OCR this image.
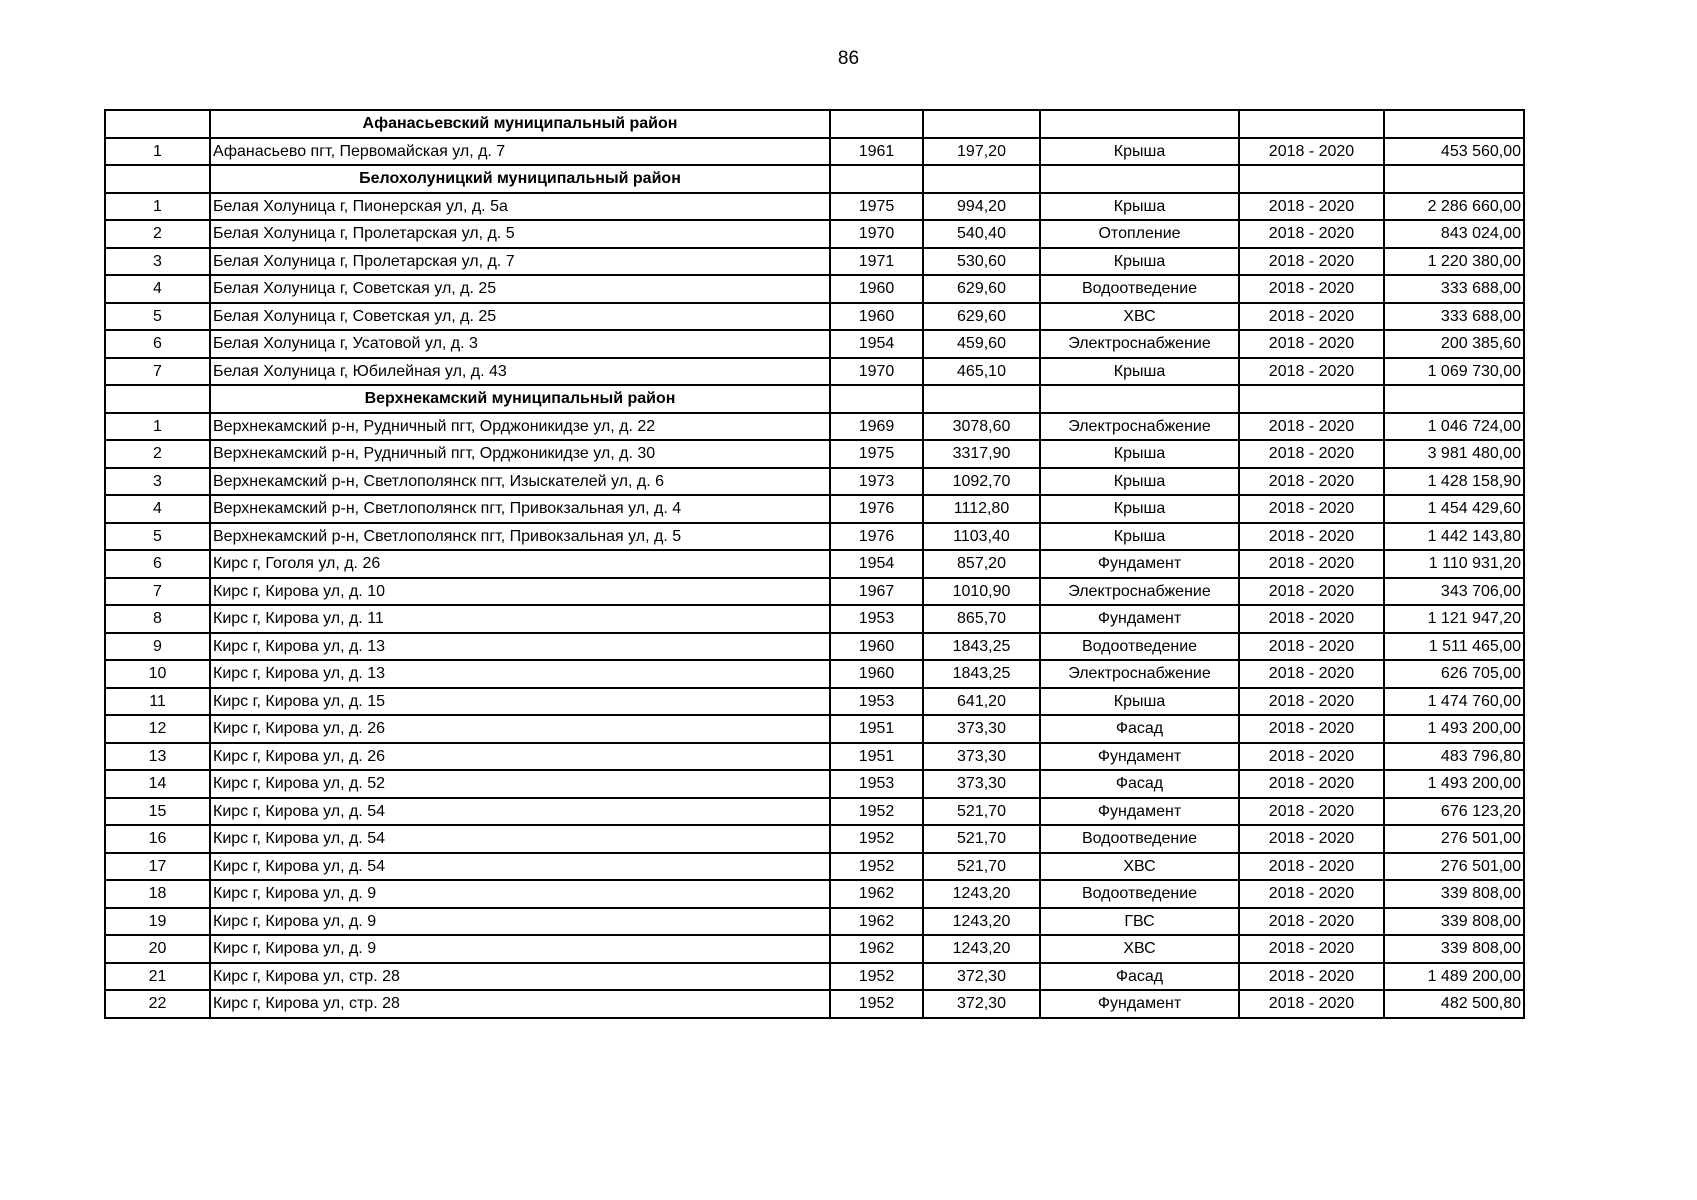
86
	Афанасьевский муниципальный район					
1	Афанасьево пгт, Первомайская ул, д. 7	1961	197,20	Крыша	2018 - 2020	453 560,00
	Белохолуницкий муниципальный район					
1	Белая Холуница г, Пионерская ул, д. 5а	1975	994,20	Крыша	2018 - 2020	2 286 660,00
2	Белая Холуница г, Пролетарская ул, д. 5	1970	540,40	Отопление	2018 - 2020	843 024,00
3	Белая Холуница г, Пролетарская ул, д. 7	1971	530,60	Крыша	2018 - 2020	1 220 380,00
4	Белая Холуница г, Советская ул, д. 25	1960	629,60	Водоотведение	2018 - 2020	333 688,00
5	Белая Холуница г, Советская ул, д. 25	1960	629,60	ХВС	2018 - 2020	333 688,00
6	Белая Холуница г, Усатовой ул, д. 3	1954	459,60	Электроснабжение	2018 - 2020	200 385,60
7	Белая Холуница г, Юбилейная ул, д. 43	1970	465,10	Крыша	2018 - 2020	1 069 730,00
	Верхнекамский муниципальный район					
1	Верхнекамский р-н, Рудничный пгт, Орджоникидзе ул, д. 22	1969	3078,60	Электроснабжение	2018 - 2020	1 046 724,00
2	Верхнекамский р-н, Рудничный пгт, Орджоникидзе ул, д. 30	1975	3317,90	Крыша	2018 - 2020	3 981 480,00
3	Верхнекамский р-н, Светлополянск пгт, Изыскателей ул, д. 6	1973	1092,70	Крыша	2018 - 2020	1 428 158,90
4	Верхнекамский р-н, Светлополянск пгт, Привокзальная ул, д. 4	1976	1112,80	Крыша	2018 - 2020	1 454 429,60
5	Верхнекамский р-н, Светлополянск пгт, Привокзальная ул, д. 5	1976	1103,40	Крыша	2018 - 2020	1 442 143,80
6	Кирс г, Гоголя ул, д. 26	1954	857,20	Фундамент	2018 - 2020	1 110 931,20
7	Кирс г, Кирова ул, д. 10	1967	1010,90	Электроснабжение	2018 - 2020	343 706,00
8	Кирс г, Кирова ул, д. 11	1953	865,70	Фундамент	2018 - 2020	1 121 947,20
9	Кирс г, Кирова ул, д. 13	1960	1843,25	Водоотведение	2018 - 2020	1 511 465,00
10	Кирс г, Кирова ул, д. 13	1960	1843,25	Электроснабжение	2018 - 2020	626 705,00
11	Кирс г, Кирова ул, д. 15	1953	641,20	Крыша	2018 - 2020	1 474 760,00
12	Кирс г, Кирова ул, д. 26	1951	373,30	Фасад	2018 - 2020	1 493 200,00
13	Кирс г, Кирова ул, д. 26	1951	373,30	Фундамент	2018 - 2020	483 796,80
14	Кирс г, Кирова ул, д. 52	1953	373,30	Фасад	2018 - 2020	1 493 200,00
15	Кирс г, Кирова ул, д. 54	1952	521,70	Фундамент	2018 - 2020	676 123,20
16	Кирс г, Кирова ул, д. 54	1952	521,70	Водоотведение	2018 - 2020	276 501,00
17	Кирс г, Кирова ул, д. 54	1952	521,70	ХВС	2018 - 2020	276 501,00
18	Кирс г, Кирова ул, д. 9	1962	1243,20	Водоотведение	2018 - 2020	339 808,00
19	Кирс г, Кирова ул, д. 9	1962	1243,20	ГВС	2018 - 2020	339 808,00
20	Кирс г, Кирова ул, д. 9	1962	1243,20	ХВС	2018 - 2020	339 808,00
21	Кирс г, Кирова ул, стр. 28	1952	372,30	Фасад	2018 - 2020	1 489 200,00
22	Кирс г, Кирова ул, стр. 28	1952	372,30	Фундамент	2018 - 2020	482 500,80
